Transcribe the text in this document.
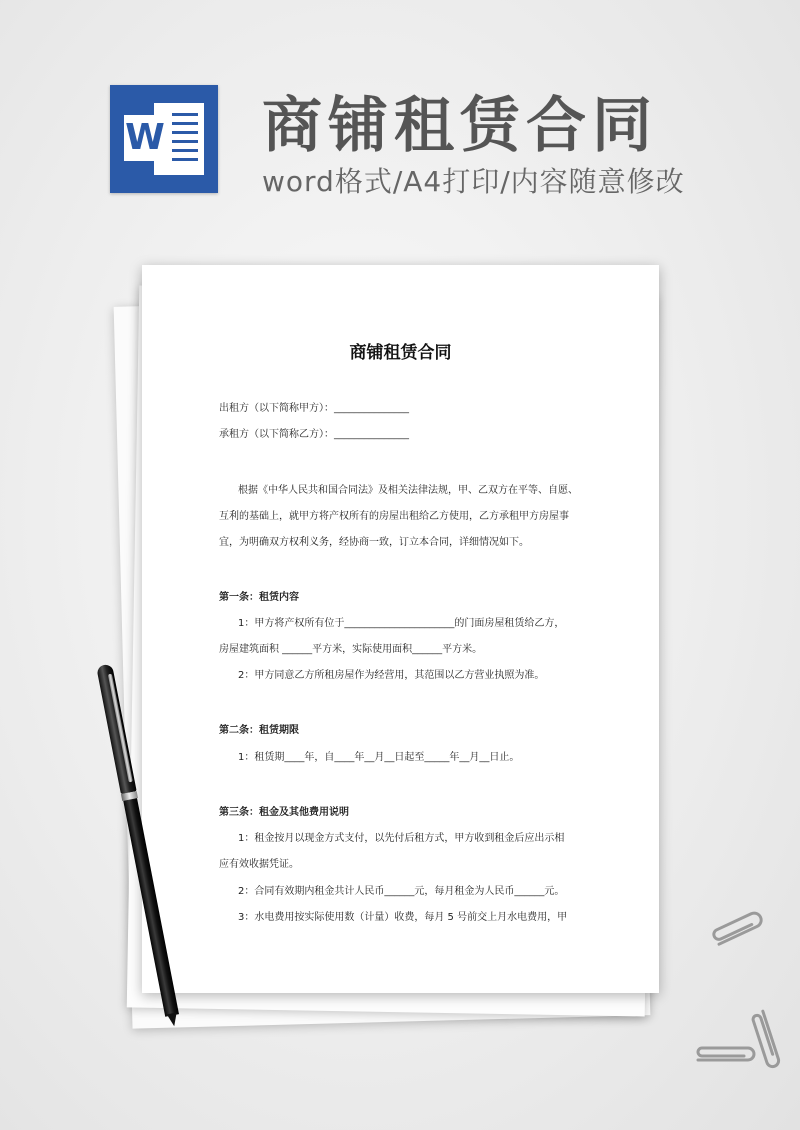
W 商铺租赁合同
word格式/A4打印/内容随意修改
商铺租赁合同
出租方（以下简称甲方）：_______________
承租方（以下简称乙方）：_______________
根据《中华人民共和国合同法》及相关法律法规，甲、乙双方在平等、自愿、
互利的基础上，就甲方将产权所有的房屋出租给乙方使用，乙方承租甲方房屋事
宜，为明确双方权利义务，经协商一致，订立本合同，详细情况如下。
第一条：租赁内容
1：甲方将产权所有位于______________________的门面房屋租赁给乙方，
房屋建筑面积 ______平方米，实际使用面积______平方米。
2：甲方同意乙方所租房屋作为经营用，其范围以乙方营业执照为准。
第二条：租赁期限
1：租赁期____年，自____年__月__日起至_____年__月__日止。
第三条：租金及其他费用说明
1：租金按月以现金方式支付，以先付后租方式，甲方收到租金后应出示相
应有效收据凭证。
2：合同有效期内租金共计人民币______元，每月租金为人民币______元。
3：水电费用按实际使用数（计量）收费，每月 5 号前交上月水电费用，甲
